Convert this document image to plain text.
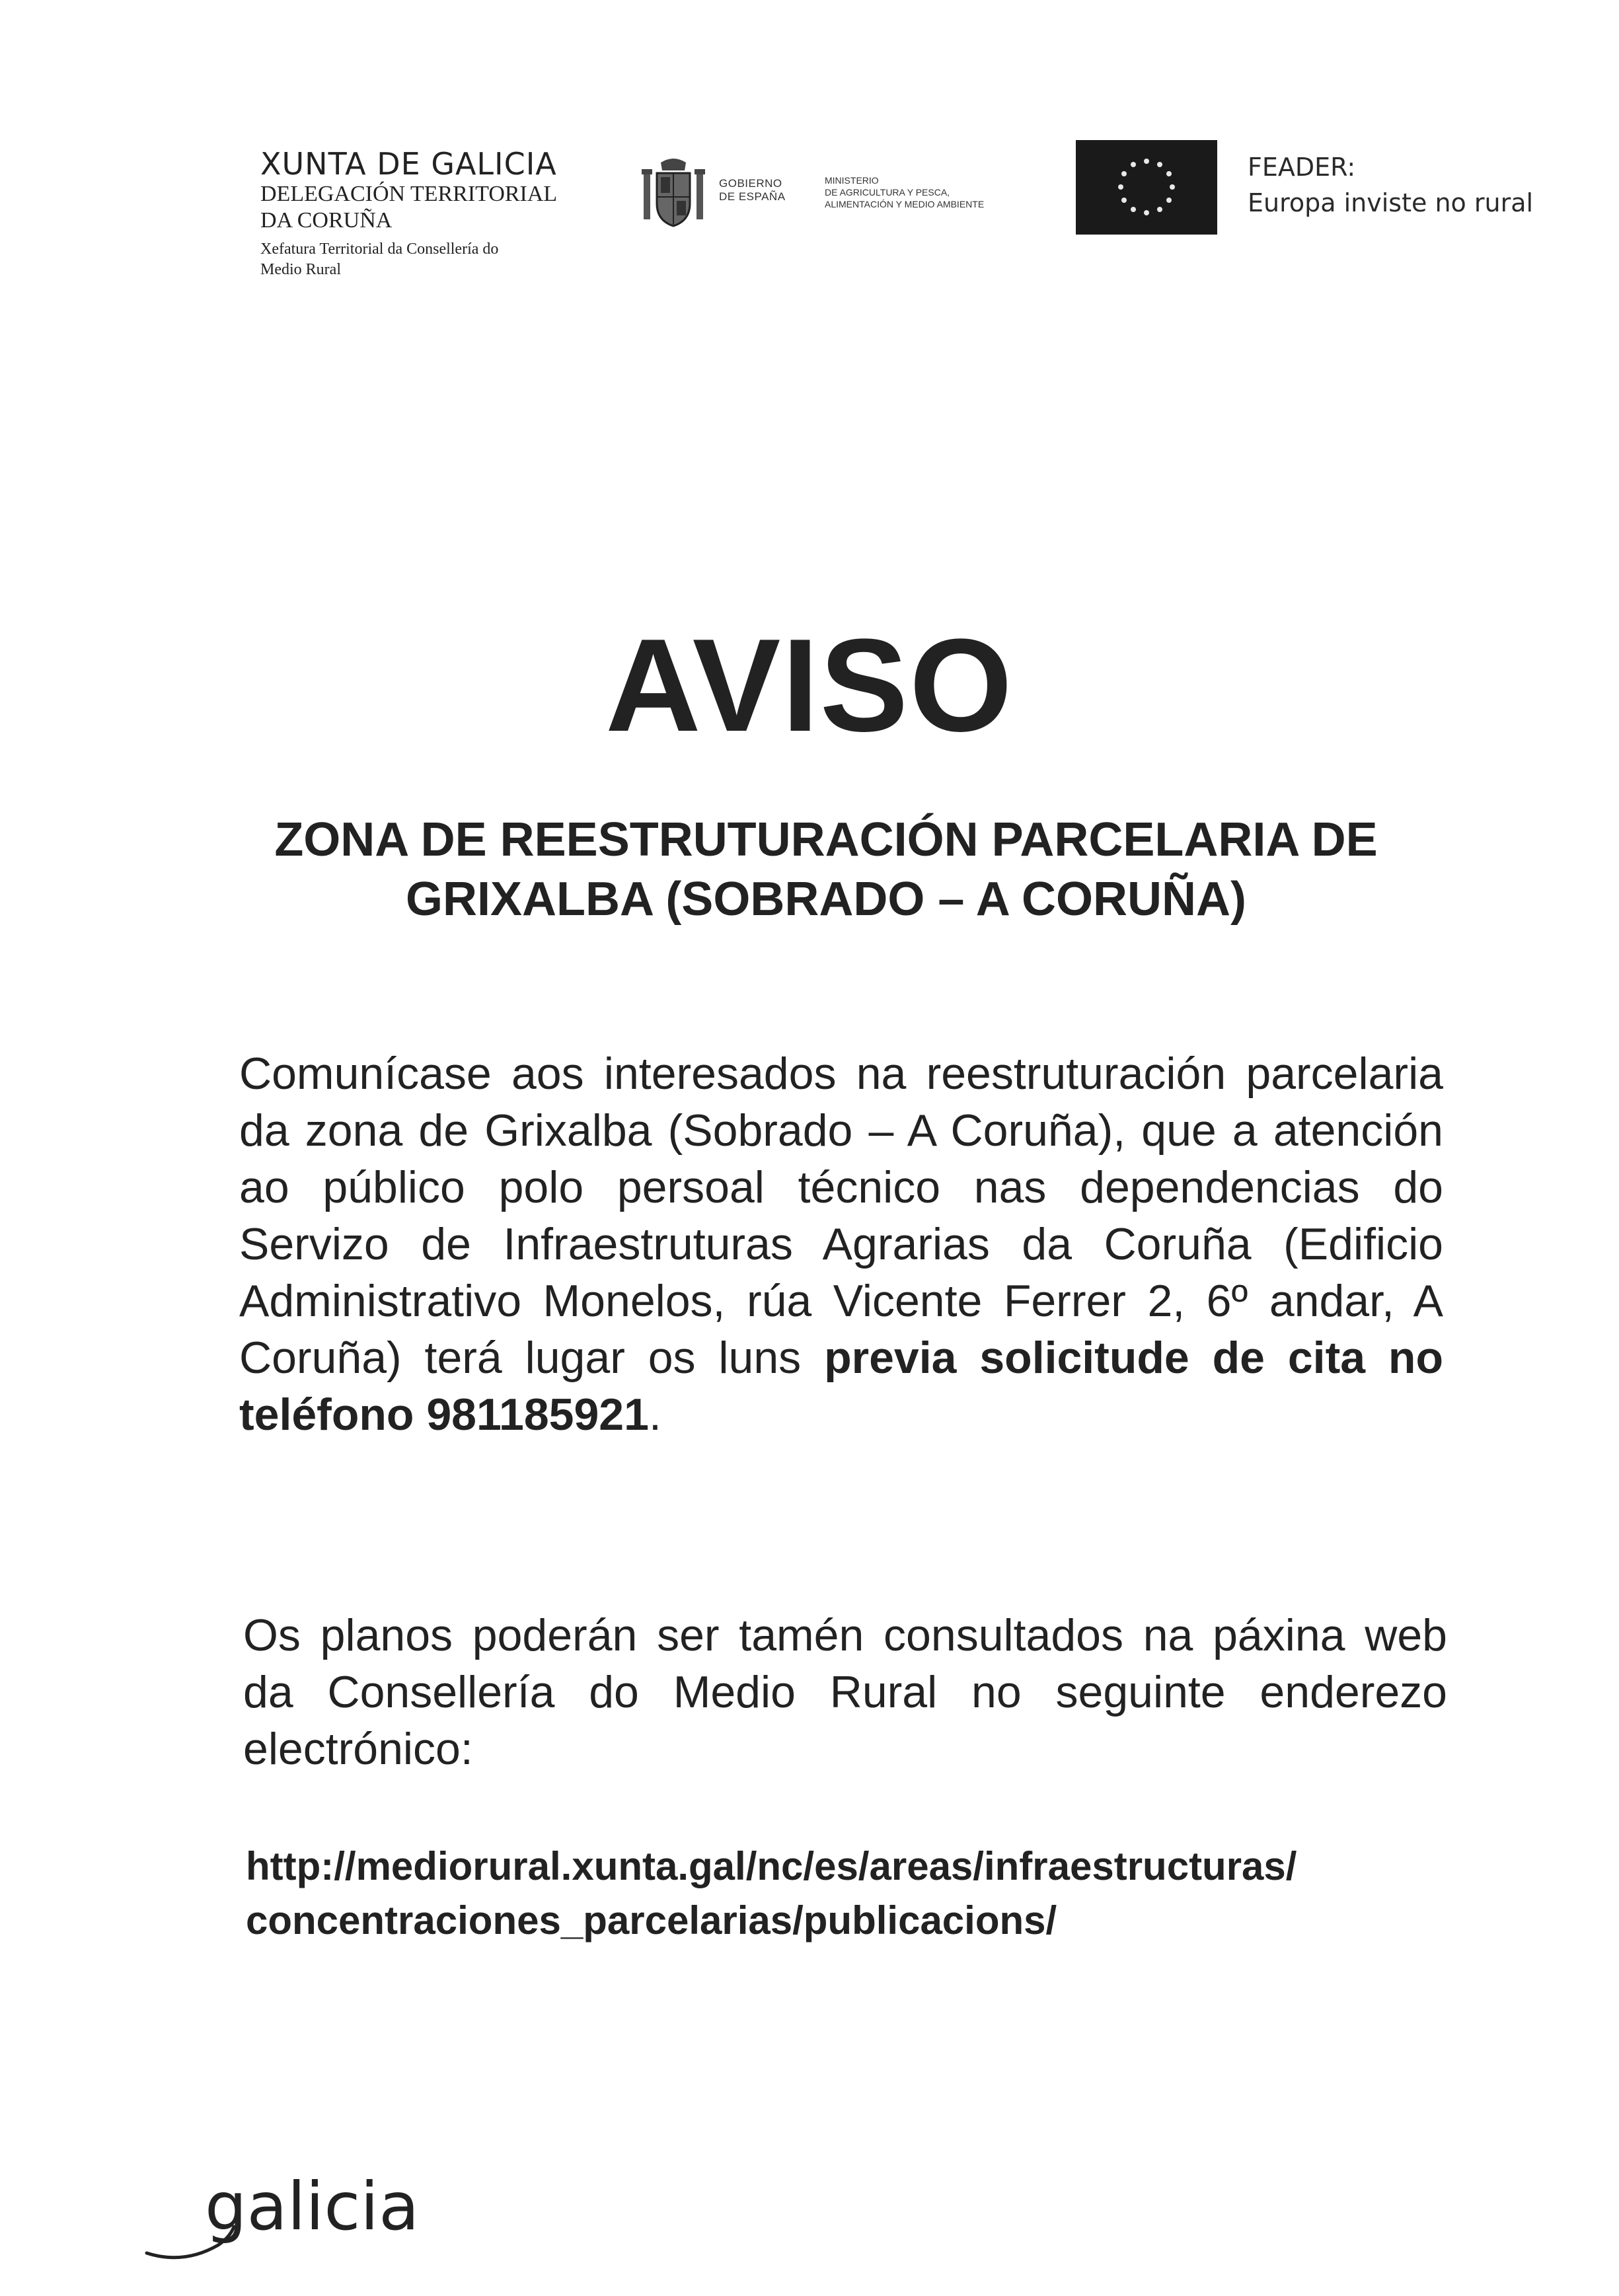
XUNTA DE GALICIA
DELEGACIÓN TERRITORIAL
DA CORUÑA
Xefatura Territorial da Consellería do
Medio Rural
GOBIERNO
DE ESPAÑA
MINISTERIO
DE AGRICULTURA Y PESCA,
ALIMENTACIÓN Y MEDIO AMBIENTE
FEADER:
Europa inviste no rural
AVISO
ZONA DE REESTRUTURACIÓN PARCELARIA DE
GRIXALBA (SOBRADO – A CORUÑA)
Comunícase aos interesados na reestruturación parcelaria da zona de Grixalba (Sobrado – A Coruña), que a atención ao público polo persoal técnico nas dependencias do Servizo de Infraestruturas Agrarias da Coruña (Edificio Administrativo Monelos, rúa Vicente Ferrer 2, 6º andar, A Coruña) terá lugar os luns previa solicitude de cita no teléfono 981185921.
Os planos poderán ser tamén consultados na páxina web da Consellería do Medio Rural no seguinte enderezo electrónico:
http://mediorural.xunta.gal/nc/es/areas/infraestructuras/
concentraciones_parcelarias/publicacions/
galicia
